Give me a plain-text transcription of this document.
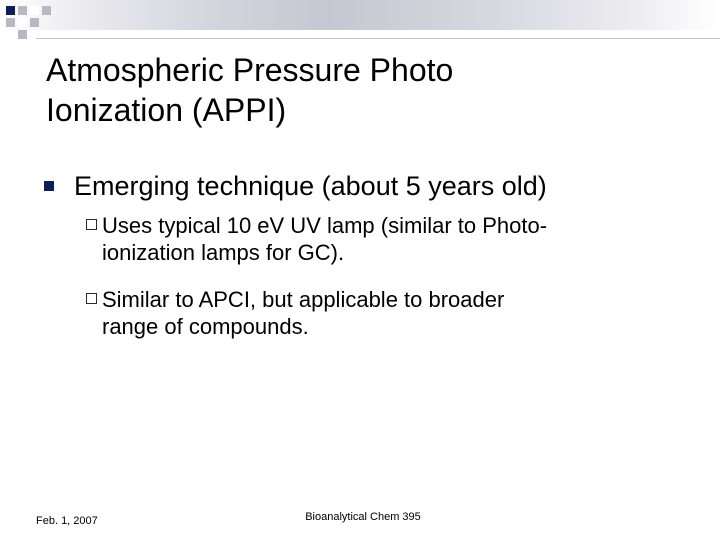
Atmospheric Pressure Photo
Ionization (APPI)
Emerging technique (about 5 years old)
Uses typical 10 eV UV lamp (similar to Photo-
ionization lamps for GC).
Similar to APCI, but applicable to broader
range of compounds.
Feb. 1, 2007	Bioanalytical Chem 395
